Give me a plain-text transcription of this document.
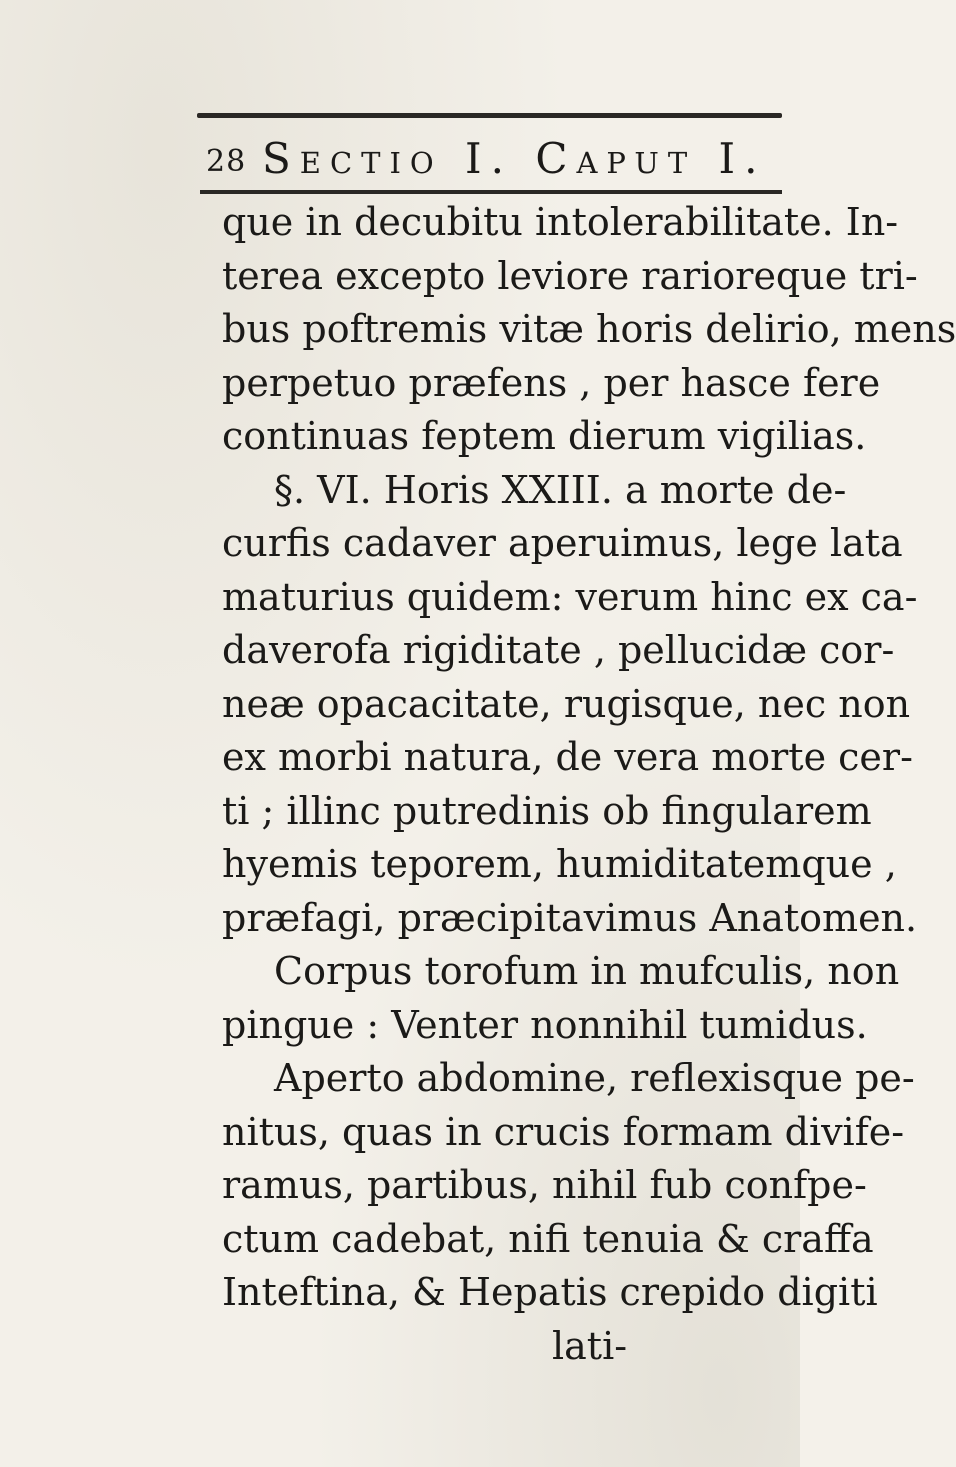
28 Sectio I. Caput I.
que in decubitu intolerabilitate. In-
terea excepto leviore rarioreque tri-
bus poftremis vitæ horis delirio, mens
perpetuo præfens , per hasce fere
continuas feptem dierum vigilias.
§. VI. Horis XXIII. a morte de-
curfis cadaver aperuimus, lege lata
maturius quidem: verum hinc ex ca-
daverofa rigiditate , pellucidæ cor-
neæ opacacitate, rugisque, nec non
ex morbi natura, de vera morte cer-
ti ; illinc putredinis ob fingularem
hyemis teporem, humiditatemque ,
præfagi, præcipitavimus Anatomen.
Corpus torofum in mufculis, non
pingue : Venter nonnihil tumidus.
Aperto abdomine, reflexisque pe-
nitus, quas in crucis formam divife-
ramus, partibus, nihil fub confpe-
ctum cadebat, nifi tenuia & craffa
Inteftina, & Hepatis crepido digiti
lati-
